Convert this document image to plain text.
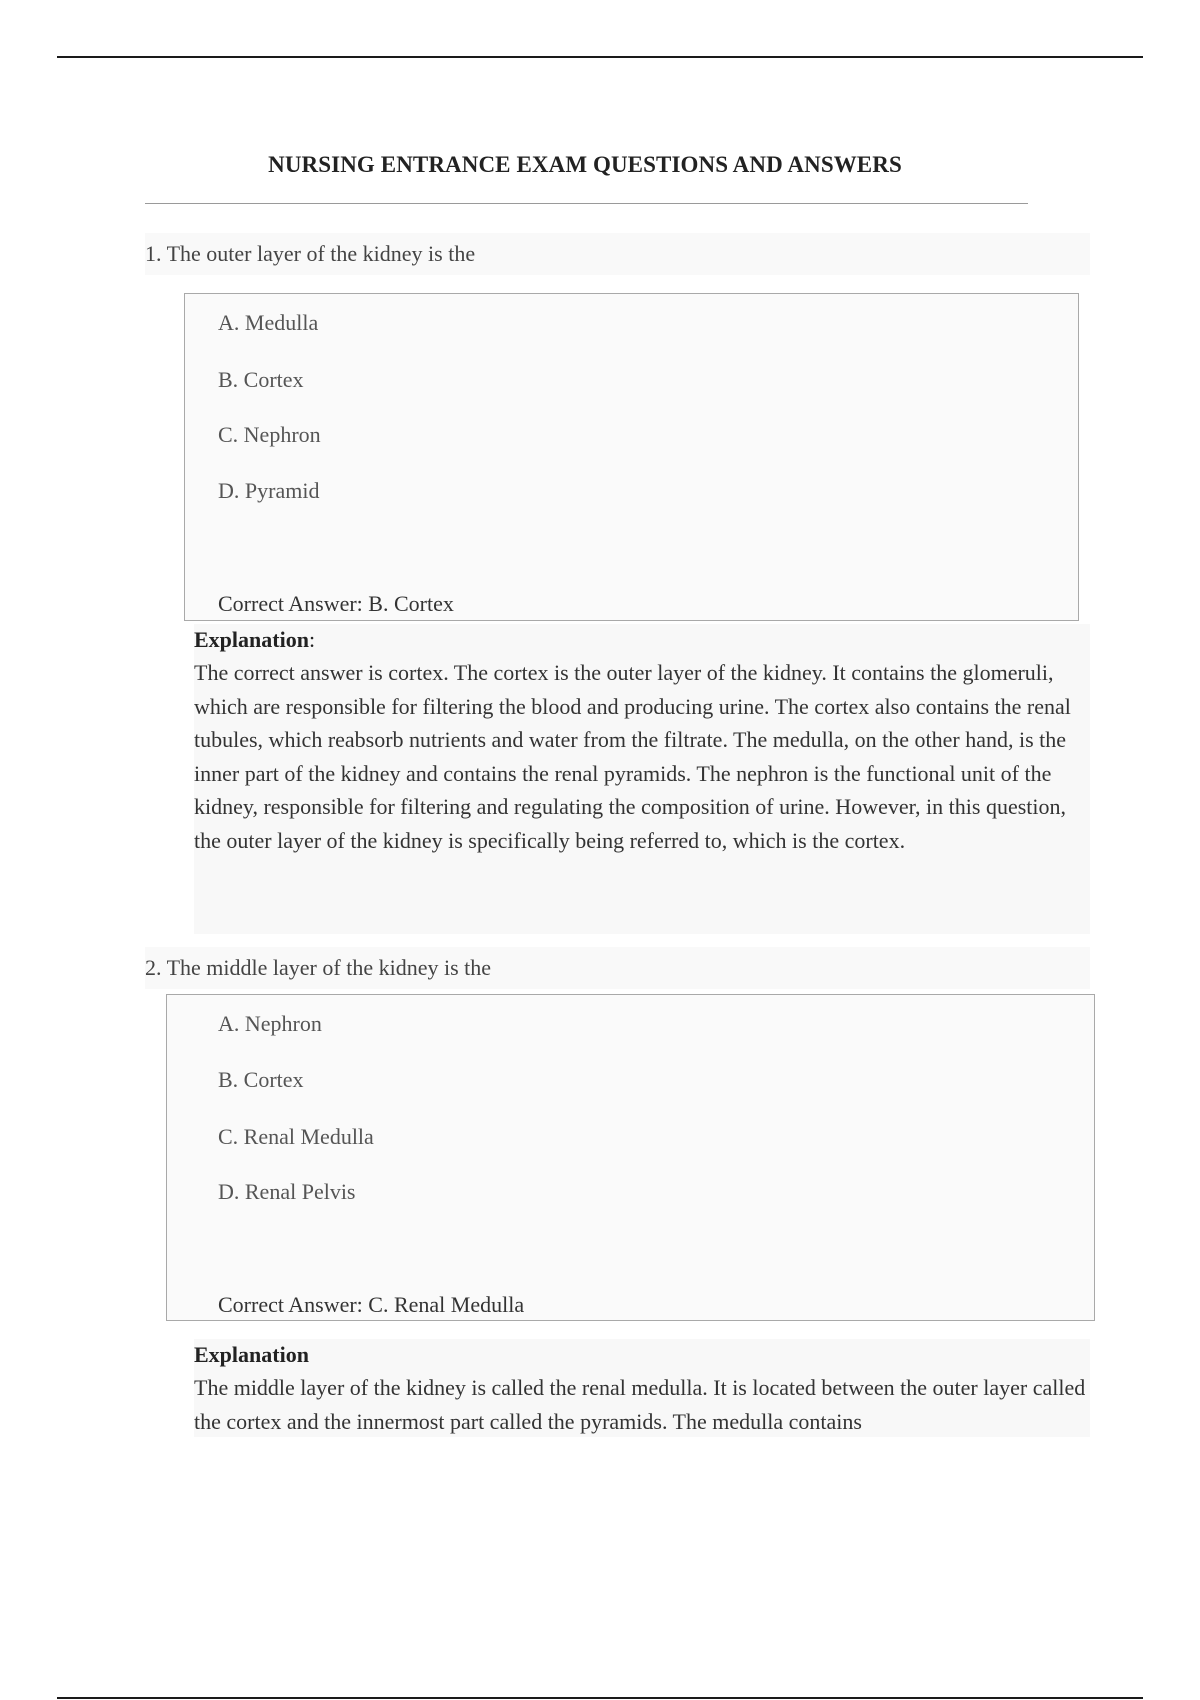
NURSING ENTRANCE EXAM QUESTIONS AND ANSWERS
1. The outer layer of the kidney is the
A. Medulla
B. Cortex
C. Nephron
D. Pyramid
Correct Answer: B. Cortex
Explanation:

The correct answer is cortex. The cortex is the outer layer of the kidney. It contains the glomeruli, which are responsible for filtering the blood and producing urine. The cortex also contains the renal tubules, which reabsorb nutrients and water from the filtrate. The medulla, on the other hand, is the inner part of the kidney and contains the renal pyramids. The nephron is the functional unit of the kidney, responsible for filtering and regulating the composition of urine. However, in this question, the outer layer of the kidney is specifically being referred to, which is the cortex.

2. The middle layer of the kidney is the
A. Nephron
B. Cortex
C. Renal Medulla
D. Renal Pelvis
Correct Answer: C. Renal Medulla
Explanation

The middle layer of the kidney is called the renal medulla. It is located between the outer layer called the cortex and the innermost part called the pyramids. The medulla contains
